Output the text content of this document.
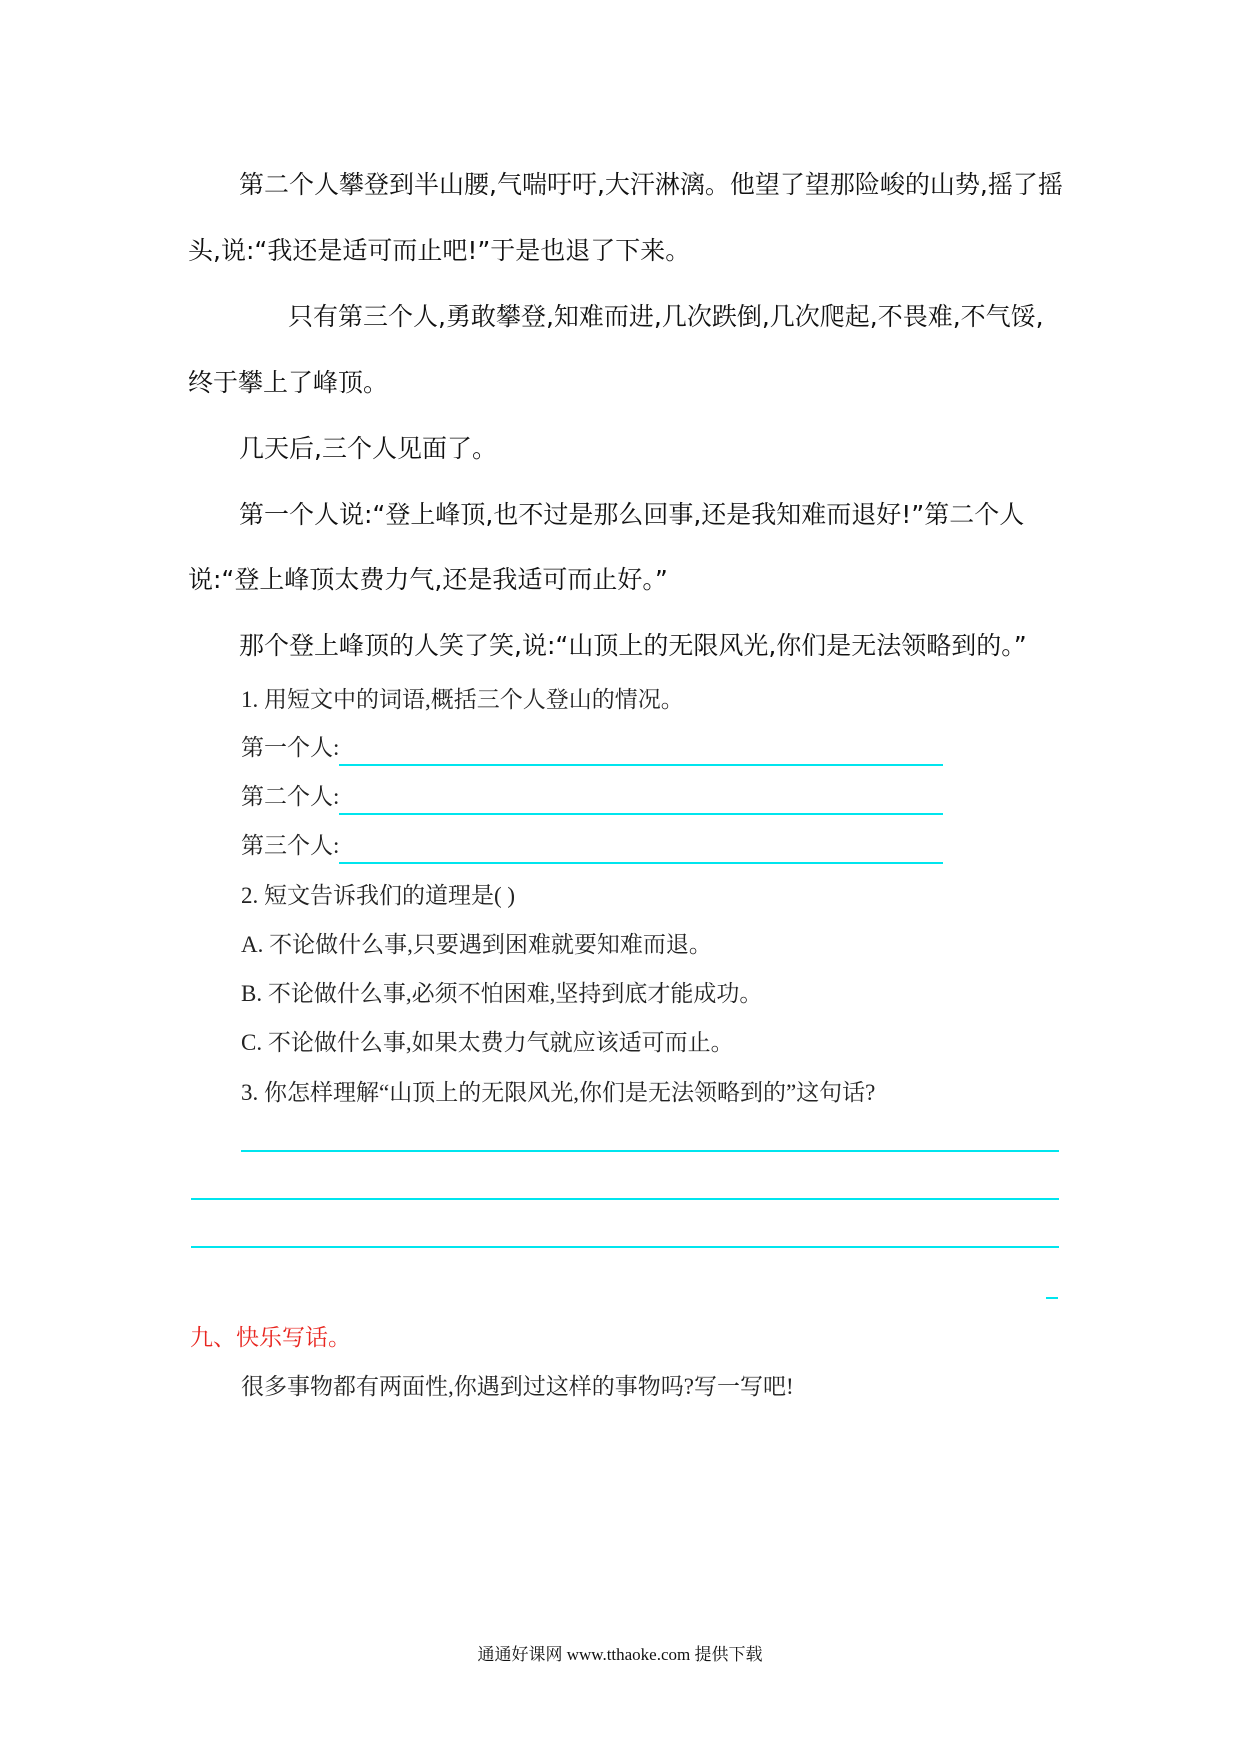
第二个人攀登到半山腰,气喘吁吁,大汗淋漓。他望了望那险峻的山势,摇了摇
头,说:“我还是适可而止吧!”于是也退了下来。
只有第三个人,勇敢攀登,知难而进,几次跌倒,几次爬起,不畏难,不气馁,
终于攀上了峰顶。
几天后,三个人见面了。
第一个人说:“登上峰顶,也不过是那么回事,还是我知难而退好!”第二个人
说:“登上峰顶太费力气,还是我适可而止好。”
那个登上峰顶的人笑了笑,说:“山顶上的无限风光,你们是无法领略到的。”
1. 用短文中的词语,概括三个人登山的情况。
第一个人:
第二个人:
第三个人:
2. 短文告诉我们的道理是( )
A. 不论做什么事,只要遇到困难就要知难而退。
B. 不论做什么事,必须不怕困难,坚持到底才能成功。
C. 不论做什么事,如果太费力气就应该适可而止。
3. 你怎样理解“山顶上的无限风光,你们是无法领略到的”这句话?
九、快乐写话。
很多事物都有两面性,你遇到过这样的事物吗?写一写吧!
通通好课网 www.tthaoke.com 提供下载
